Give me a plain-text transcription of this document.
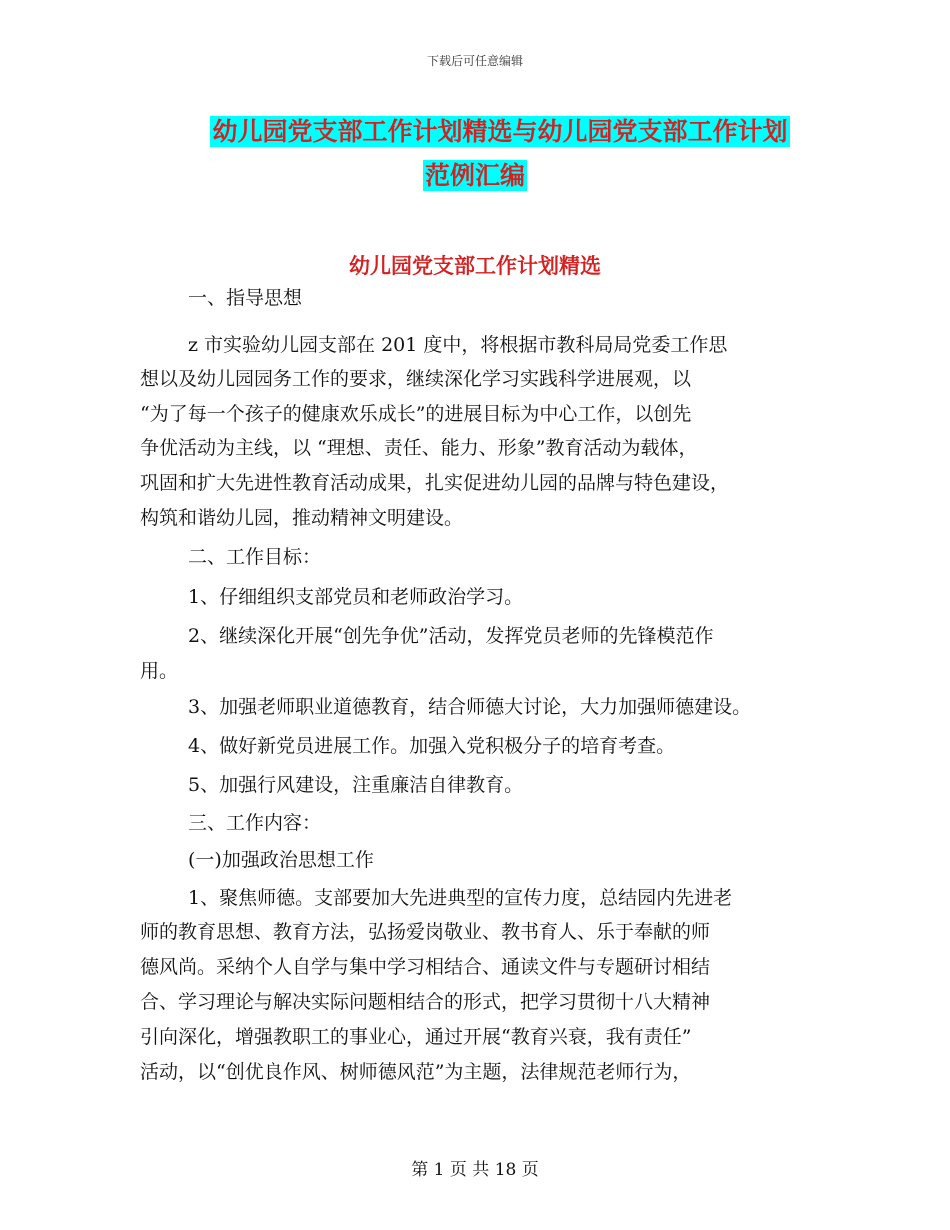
下载后可任意编辑
幼儿园党支部工作计划精选与幼儿园党支部工作计划
范例汇编
幼儿园党支部工作计划精选
一、指导思想
z 市实验幼儿园支部在 201 度中，将根据市教科局局党委工作思
想以及幼儿园园务工作的要求，继续深化学习实践科学进展观，以
“为了每一个孩子的健康欢乐成长”的进展目标为中心工作，以创先
争优活动为主线，以 “理想、责任、能力、形象”教育活动为载体，
巩固和扩大先进性教育活动成果，扎实促进幼儿园的品牌与特色建设，
构筑和谐幼儿园，推动精神文明建设。
二、工作目标：
1、仔细组织支部党员和老师政治学习。
2、继续深化开展“创先争优”活动，发挥党员老师的先锋模范作
用。
3、加强老师职业道德教育，结合师德大讨论，大力加强师德建设。
4、做好新党员进展工作。加强入党积极分子的培育考查。
5、加强行风建设，注重廉洁自律教育。
三、工作内容：
(一)加强政治思想工作
1、聚焦师德。支部要加大先进典型的宣传力度，总结园内先进老
师的教育思想、教育方法，弘扬爱岗敬业、教书育人、乐于奉献的师
德风尚。采纳个人自学与集中学习相结合、通读文件与专题研讨相结
合、学习理论与解决实际问题相结合的形式，把学习贯彻十八大精神
引向深化，增强教职工的事业心，通过开展“教育兴衰，我有责任”
活动，以“创优良作风、树师德风范”为主题，法律规范老师行为，
第 1 页 共 18 页
